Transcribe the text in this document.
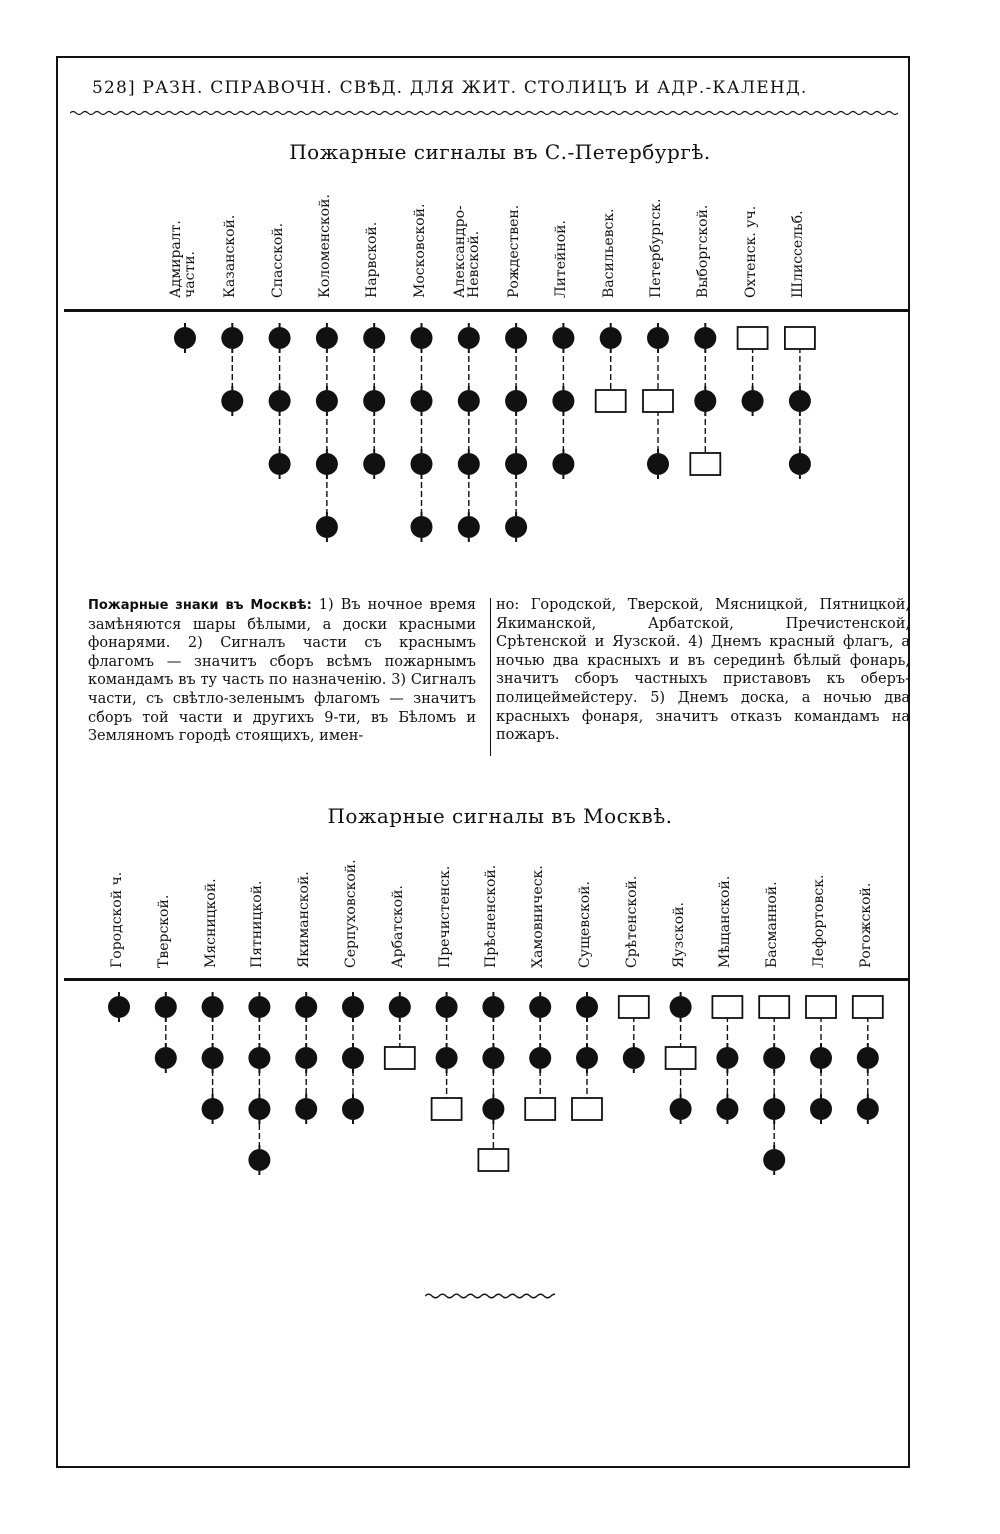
528] РАЗН. СПРАВОЧН. СВѢД. ДЛЯ ЖИТ. СТОЛИЦЪ И АДР.-КАЛЕНД.
Пожарные сигналы въ С.-Петербургѣ.
Адмиралт.
части. Казанской. Спасской. Коломенской. Нарвской. Московской. Александро-
Невской. Рождествен. Литейной. Васильевск. Петербургск. Выборгской. Охтенск. уч. Шлиссельб.
Пожарные знаки въ Москвѣ: 1) Въ ночное время замѣняются шары бѣлыми, а доски красными фонарями. 2) Сигналъ части съ краснымъ флагомъ — значитъ сборъ всѣмъ пожарнымъ командамъ въ ту часть по назначенію. 3) Сигналъ части, съ свѣтло-зеленымъ флагомъ — значитъ сборъ той части и другихъ 9-ти, въ Бѣломъ и Земляномъ городѣ стоящихъ, имен-
но: Городской, Тверской, Мясницкой, Пятницкой, Якиманской, Арбатской, Пречистенской, Срѣтенской и Яузской. 4) Днемъ красный флагъ, а ночью два красныхъ и въ серединѣ бѣлый фонарь, значитъ сборъ частныхъ приставовъ къ оберъ-полицеймейстеру. 5) Днемъ доска, а ночью два красныхъ фонаря, значитъ отказъ командамъ на пожаръ.
Пожарные сигналы въ Москвѣ.
Городской ч. Тверской. Мясницкой. Пятницкой. Якиманской. Серпуховской. Арбатской. Пречистенск. Прѣсненской. Хамовническ. Сущевской. Срѣтенской. Яузской. Мѣщанской. Басманной. Лефортовск. Рогожской.
